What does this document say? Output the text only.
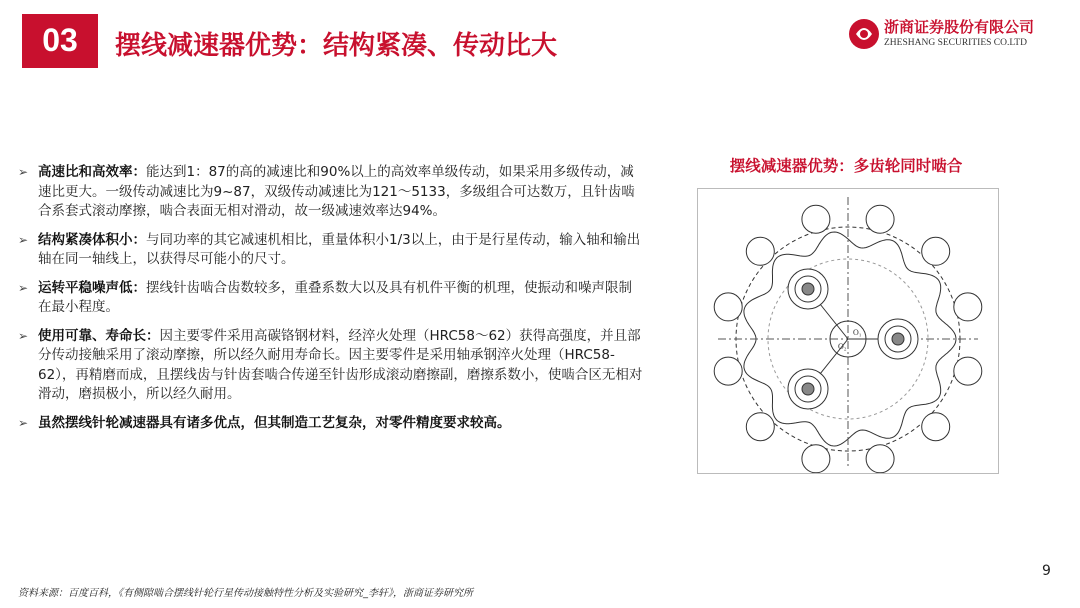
03	摆线减速器优势：结构紧凑、传动比大
浙商证券股份有限公司
ZHESHANG SECURITIES CO.LTD
➢ 高速比和高效率：能达到1：87的高的减速比和90%以上的高效率单级传动，如果采用多级传动，减速比更大。一级传动减速比为9~87，双级传动减速比为121～5133，多级组合可达数万，且针齿啮合系套式滚动摩擦，啮合表面无相对滑动，故一级减速效率达94%。
➢ 结构紧凑体积小：与同功率的其它减速机相比，重量体积小1/3以上，由于是行星传动，输入轴和输出轴在同一轴线上，以获得尽可能小的尺寸。
➢ 运转平稳噪声低：摆线针齿啮合齿数较多，重叠系数大以及具有机件平衡的机理，使振动和噪声限制在最小程度。
➢ 使用可靠、寿命长：因主要零件采用高碳铬钢材料，经淬火处理（HRC58～62）获得高强度，并且部分传动接触采用了滚动摩擦，所以经久耐用寿命长。因主要零件是采用轴承钢淬火处理（HRC58-62），再精磨而成，且摆线齿与针齿套啮合传递至针齿形成滚动磨擦副，磨擦系数小，使啮合区无相对滑动，磨损极小，所以经久耐用。
➢ 虽然摆线针轮减速器具有诸多优点，但其制造工艺复杂，对零件精度要求较高。
摆线减速器优势：多齿轮同时啮合
O₁
O₂
9
资料来源：百度百科，《有侧隙啮合摆线针轮行星传动接触特性分析及实验研究_李轩》，浙商证券研究所
